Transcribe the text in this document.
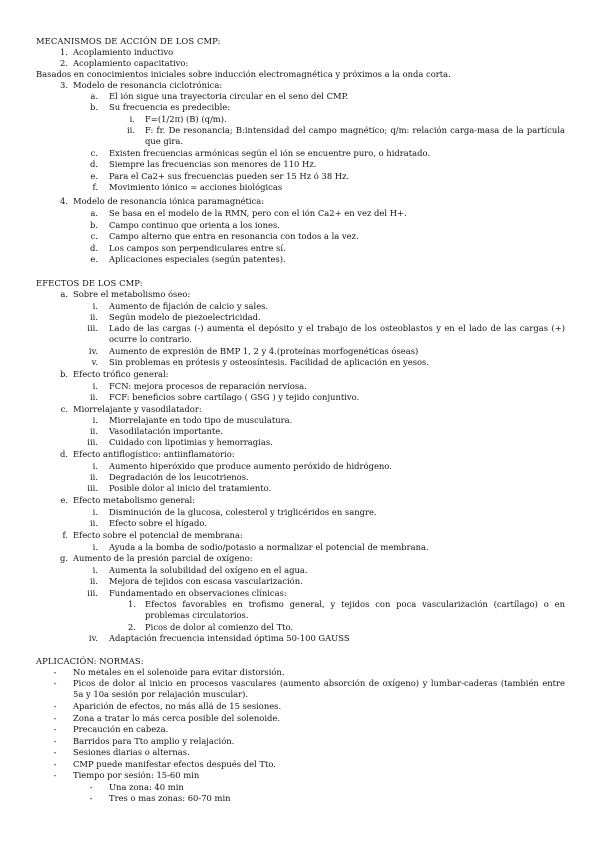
MECANISMOS DE ACCIÓN DE LOS CMP:
1. Acoplamiento inductivo
2. Acoplamiento capacitativo:
Basados en conocimientos iniciales sobre inducción electromagnética y próximos a la onda corta.
3. Modelo de resonancia ciclotrónica:
a. El ión sigue una trayectoria circular en el seno del CMP.
b. Su frecuencia es predecible:
i. F=(1/2π) (B) (q/m).
ii. F: fr. De resonancia; B:intensidad del campo magnético; q/m: relación carga-masa de la partícula que gira.
c. Existen frecuencias armónicas según el ión se encuentre puro, o hidratado.
d. Siempre las frecuencias son menores de 110 Hz.
e. Para el Ca2+ sus frecuencias pueden ser 15 Hz ó 38 Hz.
f. Movimiento iónico = acciones biológicas
4. Modelo de resonancia iónica paramagnética:
a. Se basa en el modelo de la RMN, pero con el ión Ca2+ en vez del H+.
b. Campo continuo que orienta a los iones.
c. Campo alterno que entra en resonancia con todos a la vez.
d. Los campos son perpendiculares entre sí.
e. Aplicaciones especiales (según patentes).
EFECTOS DE LOS CMP:
a. Sobre el metabolismo óseo:
i. Aumento de fijación de calcio y sales.
ii. Según modelo de piezoelectricidad.
iii. Lado de las cargas (-) aumenta el depósito y el trabajo de los osteoblastos y en el lado de las cargas (+) ocurre lo contrario.
iv. Aumento de expresión de BMP 1, 2 y 4.(proteínas morfogenéticas óseas)
v. Sin problemas en prótesis y osteosíntesis. Facilidad de aplicación en yesos.
b. Efecto trófico general:
i. FCN: mejora procesos de reparación nerviosa.
ii. FCF: beneficios sobre cartílago ( GSG ) y tejido conjuntivo.
c. Miorrelajante y vasodilatador:
i. Miorrelajante en todo tipo de musculatura.
ii. Vasodilatación importante.
iii. Cuidado con lipotimias y hemorragias.
d. Efecto antiflogístico: antiinflamatorio:
i. Aumento hiperóxido que produce aumento peróxido de hidrógeno.
ii. Degradación de los leucotrienos.
iii. Posible dolor al inicio del tratamiento.
e. Efecto metabolismo general:
i. Disminución de la glucosa, colesterol y triglicéridos en sangre.
ii. Efecto sobre el hígado.
f. Efecto sobre el potencial de membrana:
i. Ayuda a la bomba de sodio/potasio a normalizar el potencial de membrana.
g. Aumento de la presión parcial de oxígeno:
i. Aumenta la solubilidad del oxígeno en el agua.
ii. Mejora de tejidos con escasa vascularización.
iii. Fundamentado en observaciones clínicas:
1. Efectos favorables en trofismo general, y tejidos con poca vascularización (cartílago) o en problemas circulatorios.
2. Picos de dolor al comienzo del Tto.
iv. Adaptación frecuencia intensidad óptima 50-100 GAUSS
APLICACIÓN: NORMAS:
-	No metales en el solenoide para evitar distorsión.
-	Picos de dolor al inicio en procesos vasculares (aumento absorción de oxígeno) y lumbar-caderas (también entre 5a y 10a sesión por relajación muscular).
-	Aparición de efectos, no más allá de 15 sesiones.
-	Zona a tratar lo más cerca posible del solenoide.
-	Precaución en cabeza.
-	Barridos para Tto amplio y relajación.
-	Sesiones diarias o alternas.
-	CMP puede manifestar efectos después del Tto.
-	Tiempo por sesión: 15-60 min
-	Una zona: 40 min
-	Tres o mas zonas: 60-70 min
